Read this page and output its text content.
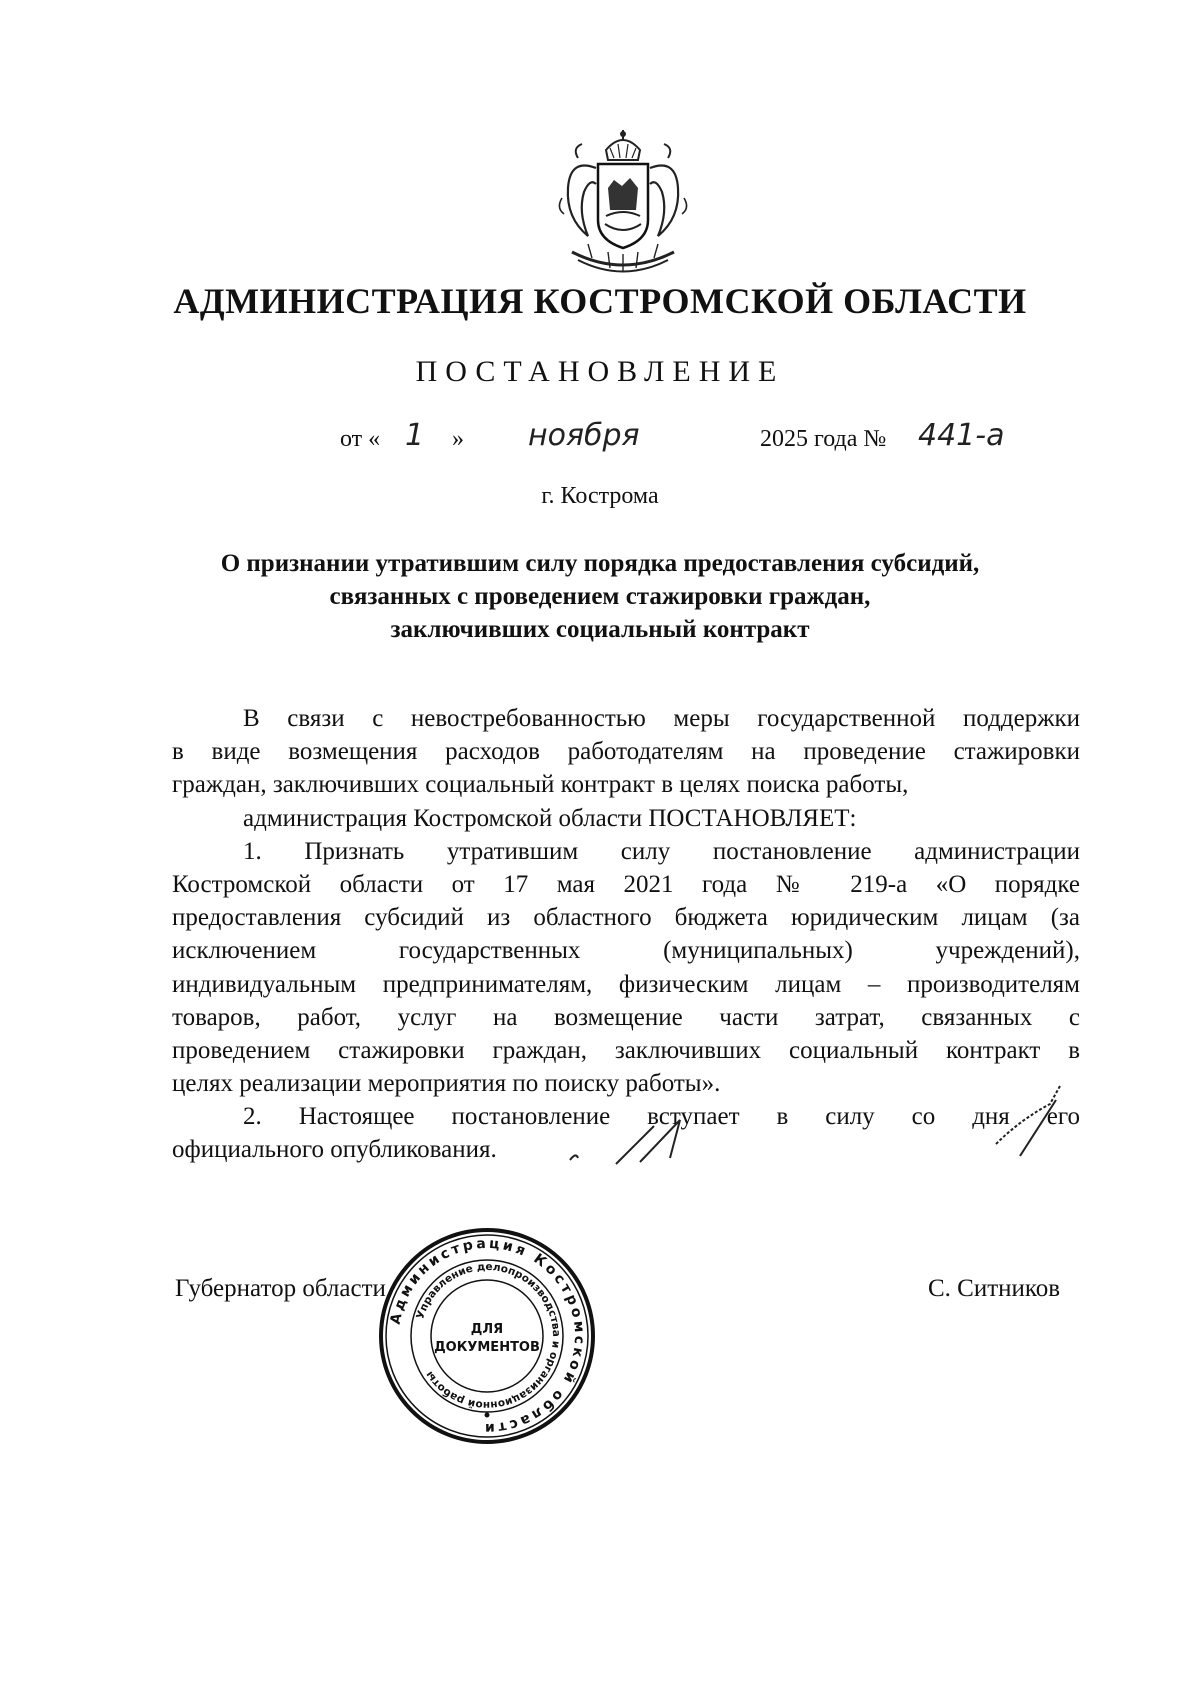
АДМИНИСТРАЦИЯ КОСТРОМСКОЙ ОБЛАСТИ
ПОСТАНОВЛЕНИЕ
от « 1 » ноября	2025 года № 441-а
г. Кострома
О признании утратившим силу порядка предоставления субсидий,
связанных с проведением стажировки граждан,
заключивших социальный контракт
В связи с невостребованностью меры государственной поддержки
в виде возмещения расходов работодателям на проведение стажировки
граждан, заключивших социальный контракт в целях поиска работы,
администрация Костромской области ПОСТАНОВЛЯЕТ:
1. Признать утратившим силу постановление администрации
Костромской области от 17 мая 2021 года № 219-а «О порядке
предоставления субсидий из областного бюджета юридическим лицам (за
исключением государственных (муниципальных) учреждений),
индивидуальным предпринимателям, физическим лицам – производителям
товаров, работ, услуг на возмещение части затрат, связанных с
проведением стажировки граждан, заключивших социальный контракт в
целях реализации мероприятия по поиску работы».
2. Настоящее постановление вступает в силу со дня его
официального опубликования.
Губернатор области	С. Ситников
Администрация Костромской области
Управление делопроизводства и организационной работы
ДЛЯ
ДОКУМЕНТОВ
